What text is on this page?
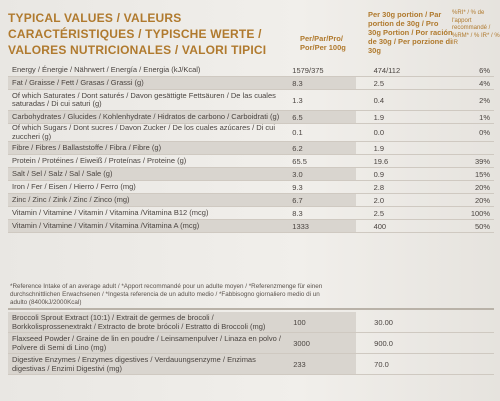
TYPICAL VALUES / VALEURS CARACTÉRISTIQUES / TYPISCHE WERTE / VALORES NUTRICIONALES / VALORI TIPICI
Per/Par/Pro/ Por/Per 100g
Per 30g portion / Par portion de 30g / Pro 30g Portion / Por ración de 30g / Per porzione di 30g
%RI* / % de l'apport recommandé / %RM* / % IR* / % IR
Energy / Énergie / Nährwert / Energía / Energia (kJ/Kcal)	1579/375	474/112	6%
Fat / Graisse / Fett / Grasas / Grassi (g)	8.3	2.5	4%
Of which Saturates / Dont saturés / Davon gesättigte Fettsäuren / De las cuales saturadas / Di cui saturi (g)	1.3	0.4	2%
Carbohydrates / Glucides / Kohlenhydrate / Hidratos de carbono / Carboidrati (g)	6.5	1.9	1%
Of which Sugars / Dont sucres / Davon Zucker / De los cuales azúcares / Di cui zuccheri (g)	0.1	0.0	0%
Fibre / Fibres / Ballaststoffe / Fibra / Fibre (g)	6.2	1.9	
Protein / Protéines / Eiweiß / Proteínas / Proteine (g)	65.5	19.6	39%
Salt / Sel / Salz / Sal / Sale (g)	3.0	0.9	15%
Iron / Fer / Eisen / Hierro / Ferro (mg)	9.3	2.8	20%
Zinc / Zinc / Zink / Zinc / Zinco (mg)	6.7	2.0	20%
Vitamin / Vitamine / Vitamin / Vitamina /Vitamina B12 (mcg)	8.3	2.5	100%
Vitamin / Vitamine / Vitamin / Vitamina /Vitamina A (mcg)	1333	400	50%
*Reference Intake of an average adult / *Apport recommandé pour un adulte moyen / *Referenzmenge für einen durchschnittlichen Erwachsenen / *Ingesta referencia de un adulto medio / *Fabbisogno giornaliero medio di un adulto (8400kJ/2000Kcal)
Broccoli Sprout Extract (10:1) / Extrait de germes de brocoli / Borkkolisprossenextrakt / Extracto de brote brócoli / Estratto di Broccoli (mg)	100	30.00	
Flaxseed Powder / Graine de lin en poudre / Leinsamenpulver / Linaza en polvo / Polvere di Semi di Lino (mg)	3000	900.0	
Digestive Enzymes / Enzymes digestives / Verdauungsenzyme / Enzimas digestivas / Enzimi Digestivi (mg)	233	70.0	
